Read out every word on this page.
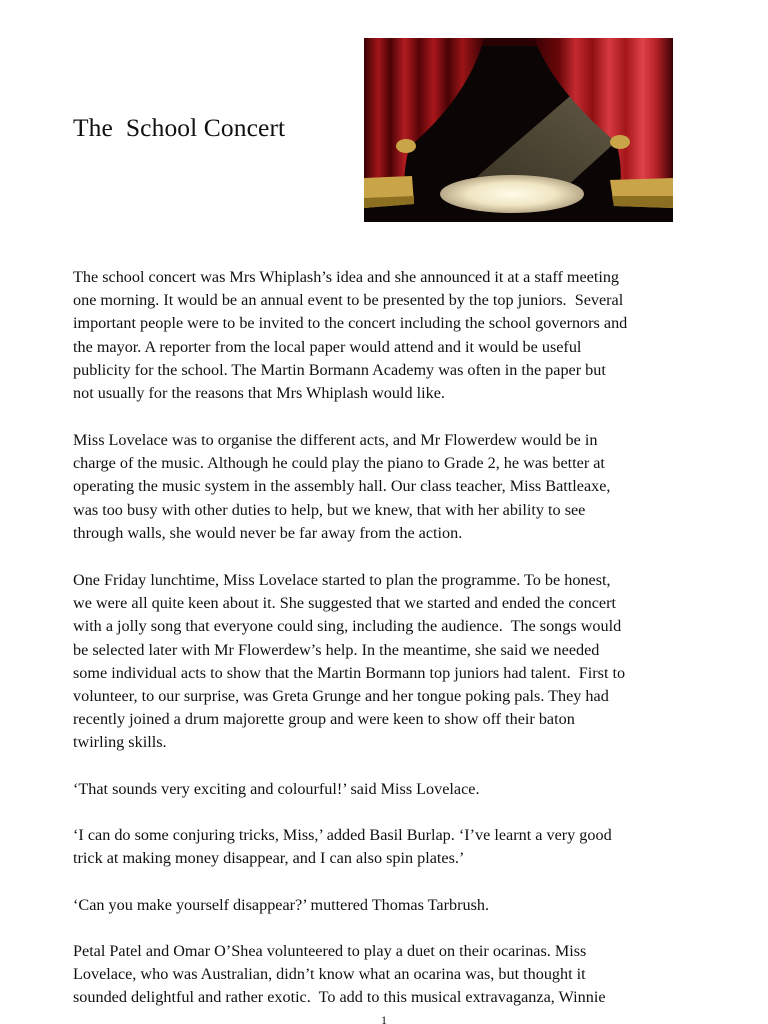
The  School Concert

The school concert was Mrs Whiplash’s idea and she announced it at a staff meeting
one morning. It would be an annual event to be presented by the top juniors.  Several
important people were to be invited to the concert including the school governors and
the mayor. A reporter from the local paper would attend and it would be useful
publicity for the school. The Martin Bormann Academy was often in the paper but
not usually for the reasons that Mrs Whiplash would like.

Miss Lovelace was to organise the different acts, and Mr Flowerdew would be in
charge of the music. Although he could play the piano to Grade 2, he was better at
operating the music system in the assembly hall. Our class teacher, Miss Battleaxe,
was too busy with other duties to help, but we knew, that with her ability to see
through walls, she would never be far away from the action.

One Friday lunchtime, Miss Lovelace started to plan the programme. To be honest,
we were all quite keen about it. She suggested that we started and ended the concert
with a jolly song that everyone could sing, including the audience.  The songs would
be selected later with Mr Flowerdew’s help. In the meantime, she said we needed
some individual acts to show that the Martin Bormann top juniors had talent.  First to
volunteer, to our surprise, was Greta Grunge and her tongue poking pals. They had
recently joined a drum majorette group and were keen to show off their baton
twirling skills.

‘That sounds very exciting and colourful!’ said Miss Lovelace.

‘I can do some conjuring tricks, Miss,’ added Basil Burlap. ‘I’ve learnt a very good
trick at making money disappear, and I can also spin plates.’

‘Can you make yourself disappear?’ muttered Thomas Tarbrush.

Petal Patel and Omar O’Shea volunteered to play a duet on their ocarinas. Miss
Lovelace, who was Australian, didn’t know what an ocarina was, but thought it
sounded delightful and rather exotic.  To add to this musical extravaganza, Winnie

1
